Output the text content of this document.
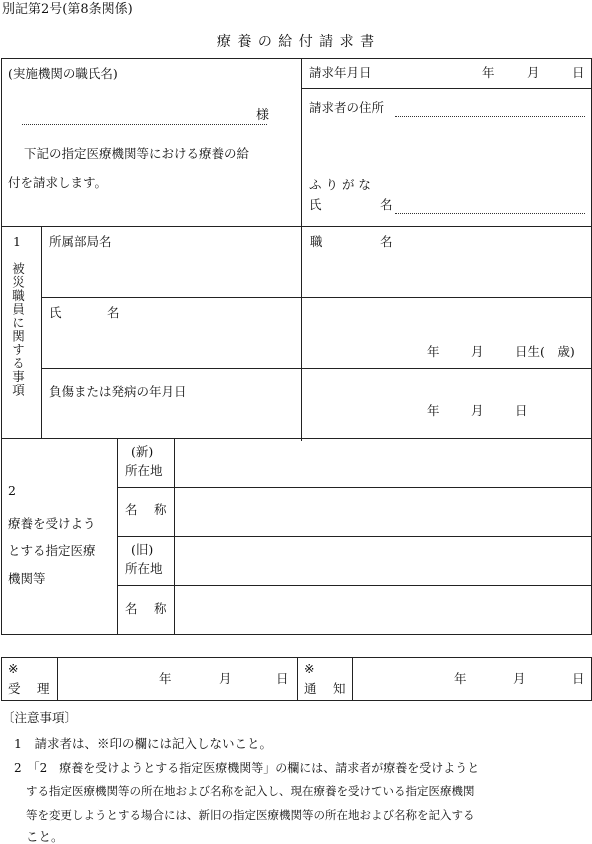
別記第2号(第8条関係)
療 養 の 給 付 請 求 書
(実施機関の職氏名)
様
下記の指定医療機関等における療養の給
付を請求します。
請求年月日	年	月	日
請求者の住所
ふ り が な
氏	名
1
被災職員に関する事項
所属部局名	職	名
氏	名
年	月	日生(　歳)
負傷または発病の年月日
年	月	日
2
療養を受けよう
とする指定医療
機関等
(新)
所在地
名 称
(旧)
所在地
名 称
※
受 理
年	月	日
※
通 知
年	月	日
〔注意事項〕
1　請求者は、※印の欄には記入しないこと。
2　「2　療養を受けようとする指定医療機関等」の欄には、請求者が療養を受けようと
する指定医療機関等の所在地および名称を記入し、現在療養を受けている指定医療機関
等を変更しようとする場合には、新旧の指定医療機関等の所在地および名称を記入する
こと。
